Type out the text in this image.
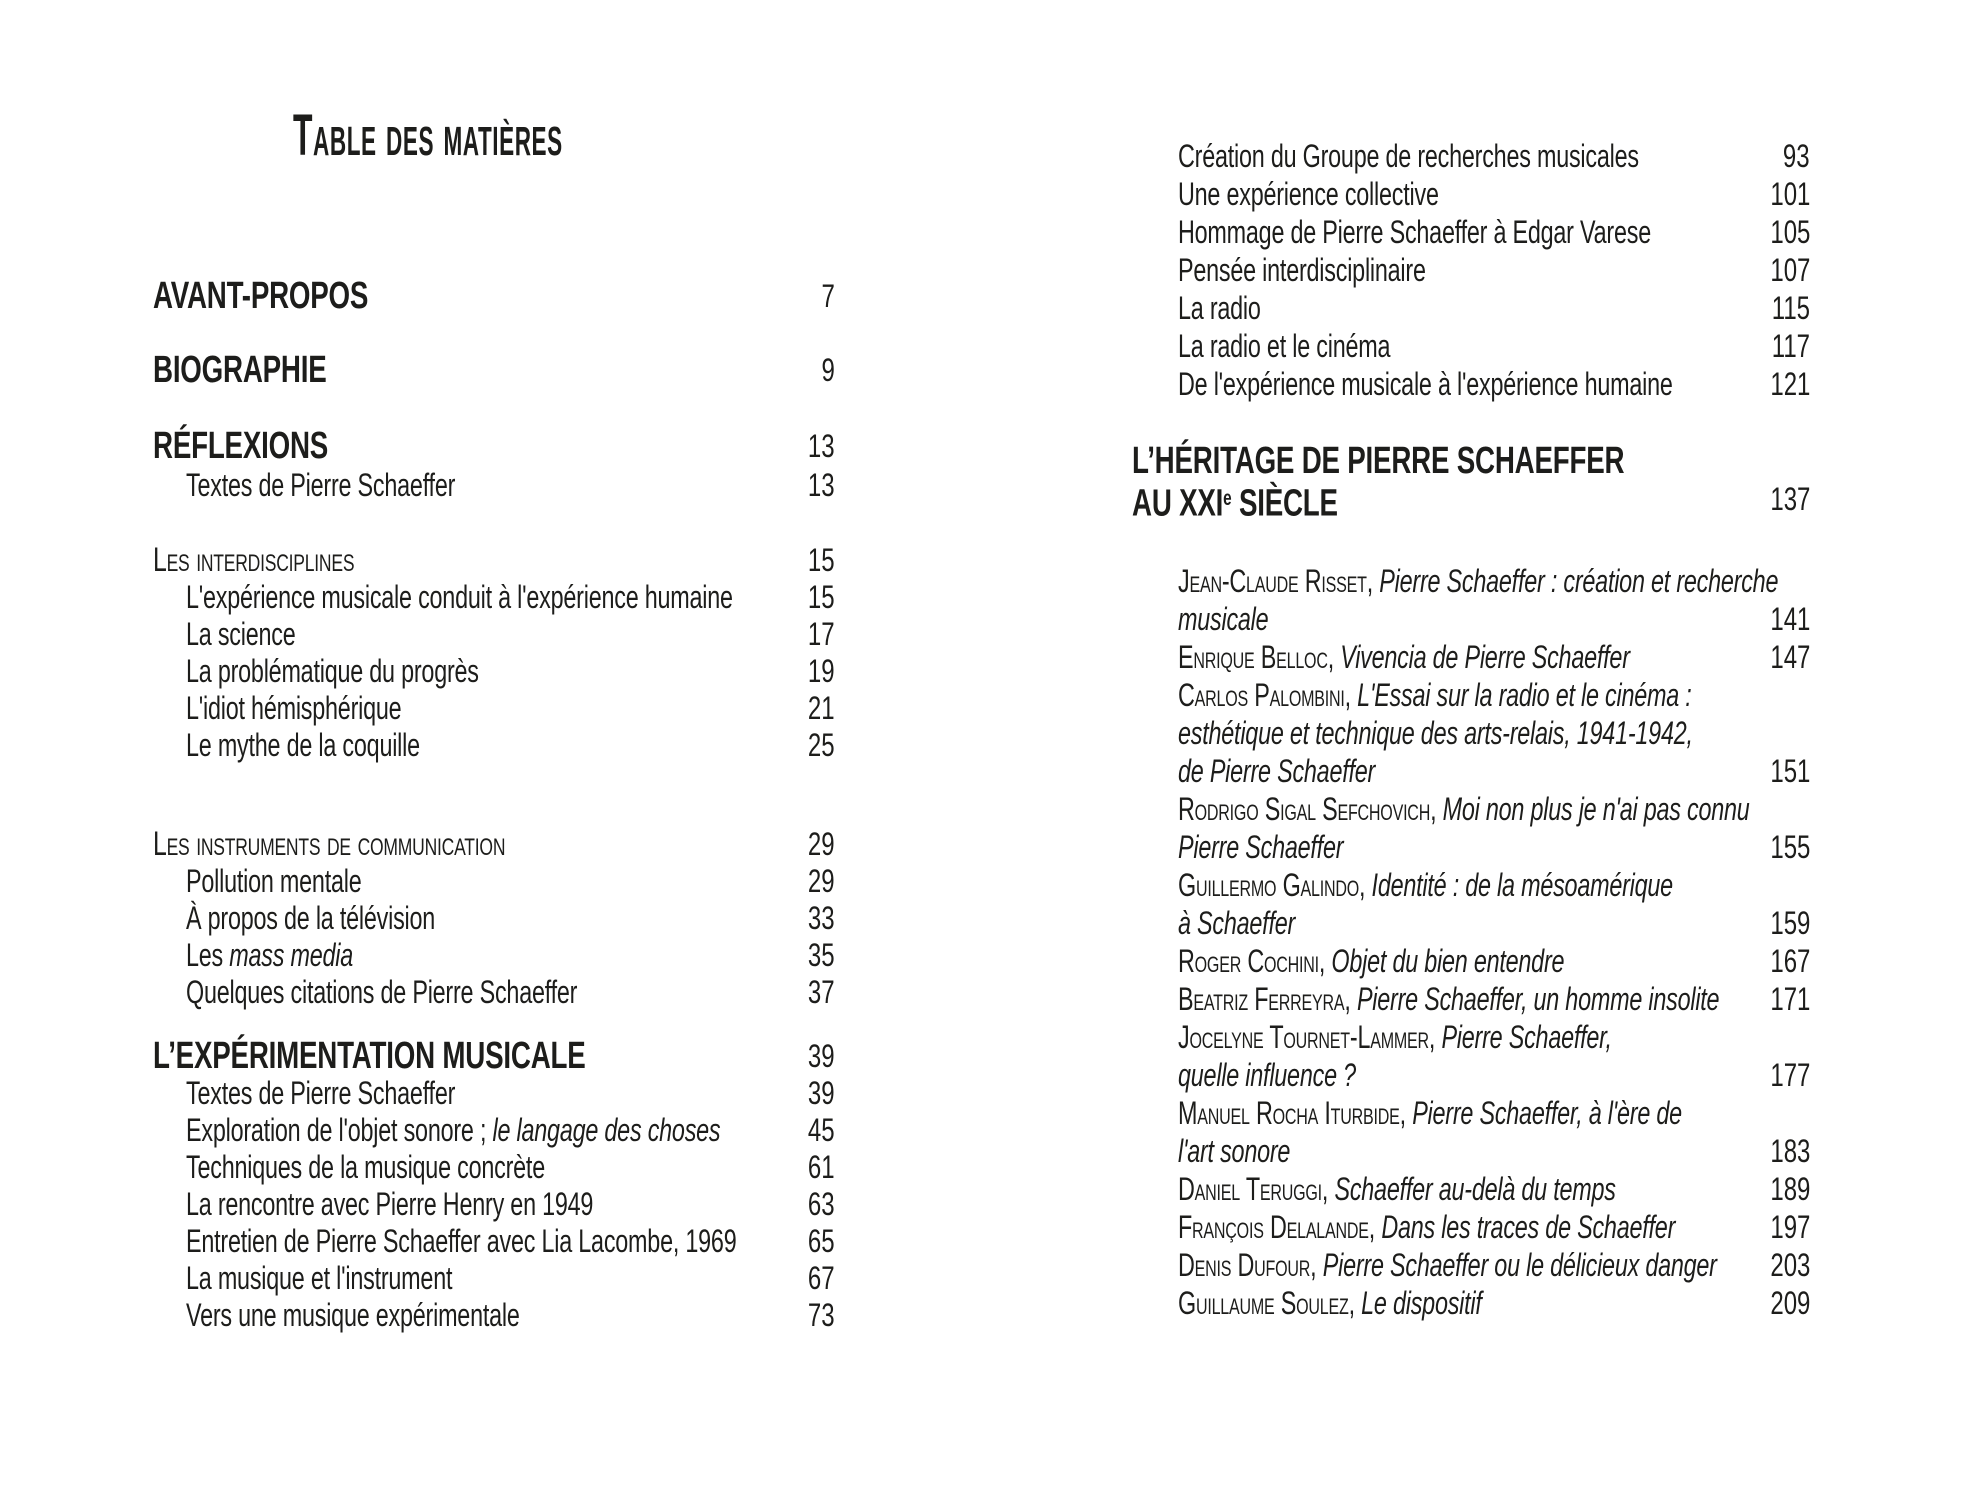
Table des matières
AVANT-PROPOS	7
BIOGRAPHIE	9
RÉFLEXIONS	13
Textes de Pierre Schaeffer	13
Les interdisciplines	15
L'expérience musicale conduit à l'expérience humaine 15
La science	17
La problématique du progrès	19
L'idiot hémisphérique	21
Le mythe de la coquille	25
Les instruments de communication	29
Pollution mentale	29
À propos de la télévision	33
Les mass media	35
Quelques citations de Pierre Schaeffer	37
L’EXPÉRIMENTATION MUSICALE	39
Textes de Pierre Schaeffer	39
Exploration de l'objet sonore ; le langage des choses	45
Techniques de la musique concrète	61
La rencontre avec Pierre Henry en 1949	63
Entretien de Pierre Schaeffer avec Lia Lacombe, 1969 65
La musique et l'instrument	67
Vers une musique expérimentale	73
Création du Groupe de recherches musicales	93
Une expérience collective	101
Hommage de Pierre Schaeffer à Edgar Varese	105
Pensée interdisciplinaire	107
La radio	115
La radio et le cinéma	117
De l'expérience musicale à l'expérience humaine	121
L’HÉRITAGE DE PIERRE SCHAEFFER
AU XXIe SIÈCLE	137
Jean-Claude Risset, Pierre Schaeffer : création et recherche
musicale	141
Enrique Belloc, Vivencia de Pierre Schaeffer	147
Carlos Palombini, L'Essai sur la radio et le cinéma :
esthétique et technique des arts-relais, 1941-1942,
de Pierre Schaeffer	151
Rodrigo Sigal Sefchovich, Moi non plus je n'ai pas connu
Pierre Schaeffer	155
Guillermo Galindo, Identité : de la mésoamérique
à Schaeffer	159
Roger Cochini, Objet du bien entendre	167
Beatriz Ferreyra, Pierre Schaeffer, un homme insolite 171
Jocelyne Tournet-Lammer, Pierre Schaeffer,
quelle influence ?	177
Manuel Rocha Iturbide, Pierre Schaeffer, à l'ère de
l'art sonore	183
Daniel Teruggi, Schaeffer au-delà du temps	189
François Delalande, Dans les traces de Schaeffer	197
Denis Dufour, Pierre Schaeffer ou le délicieux danger 203
Guillaume Soulez, Le dispositif	209
